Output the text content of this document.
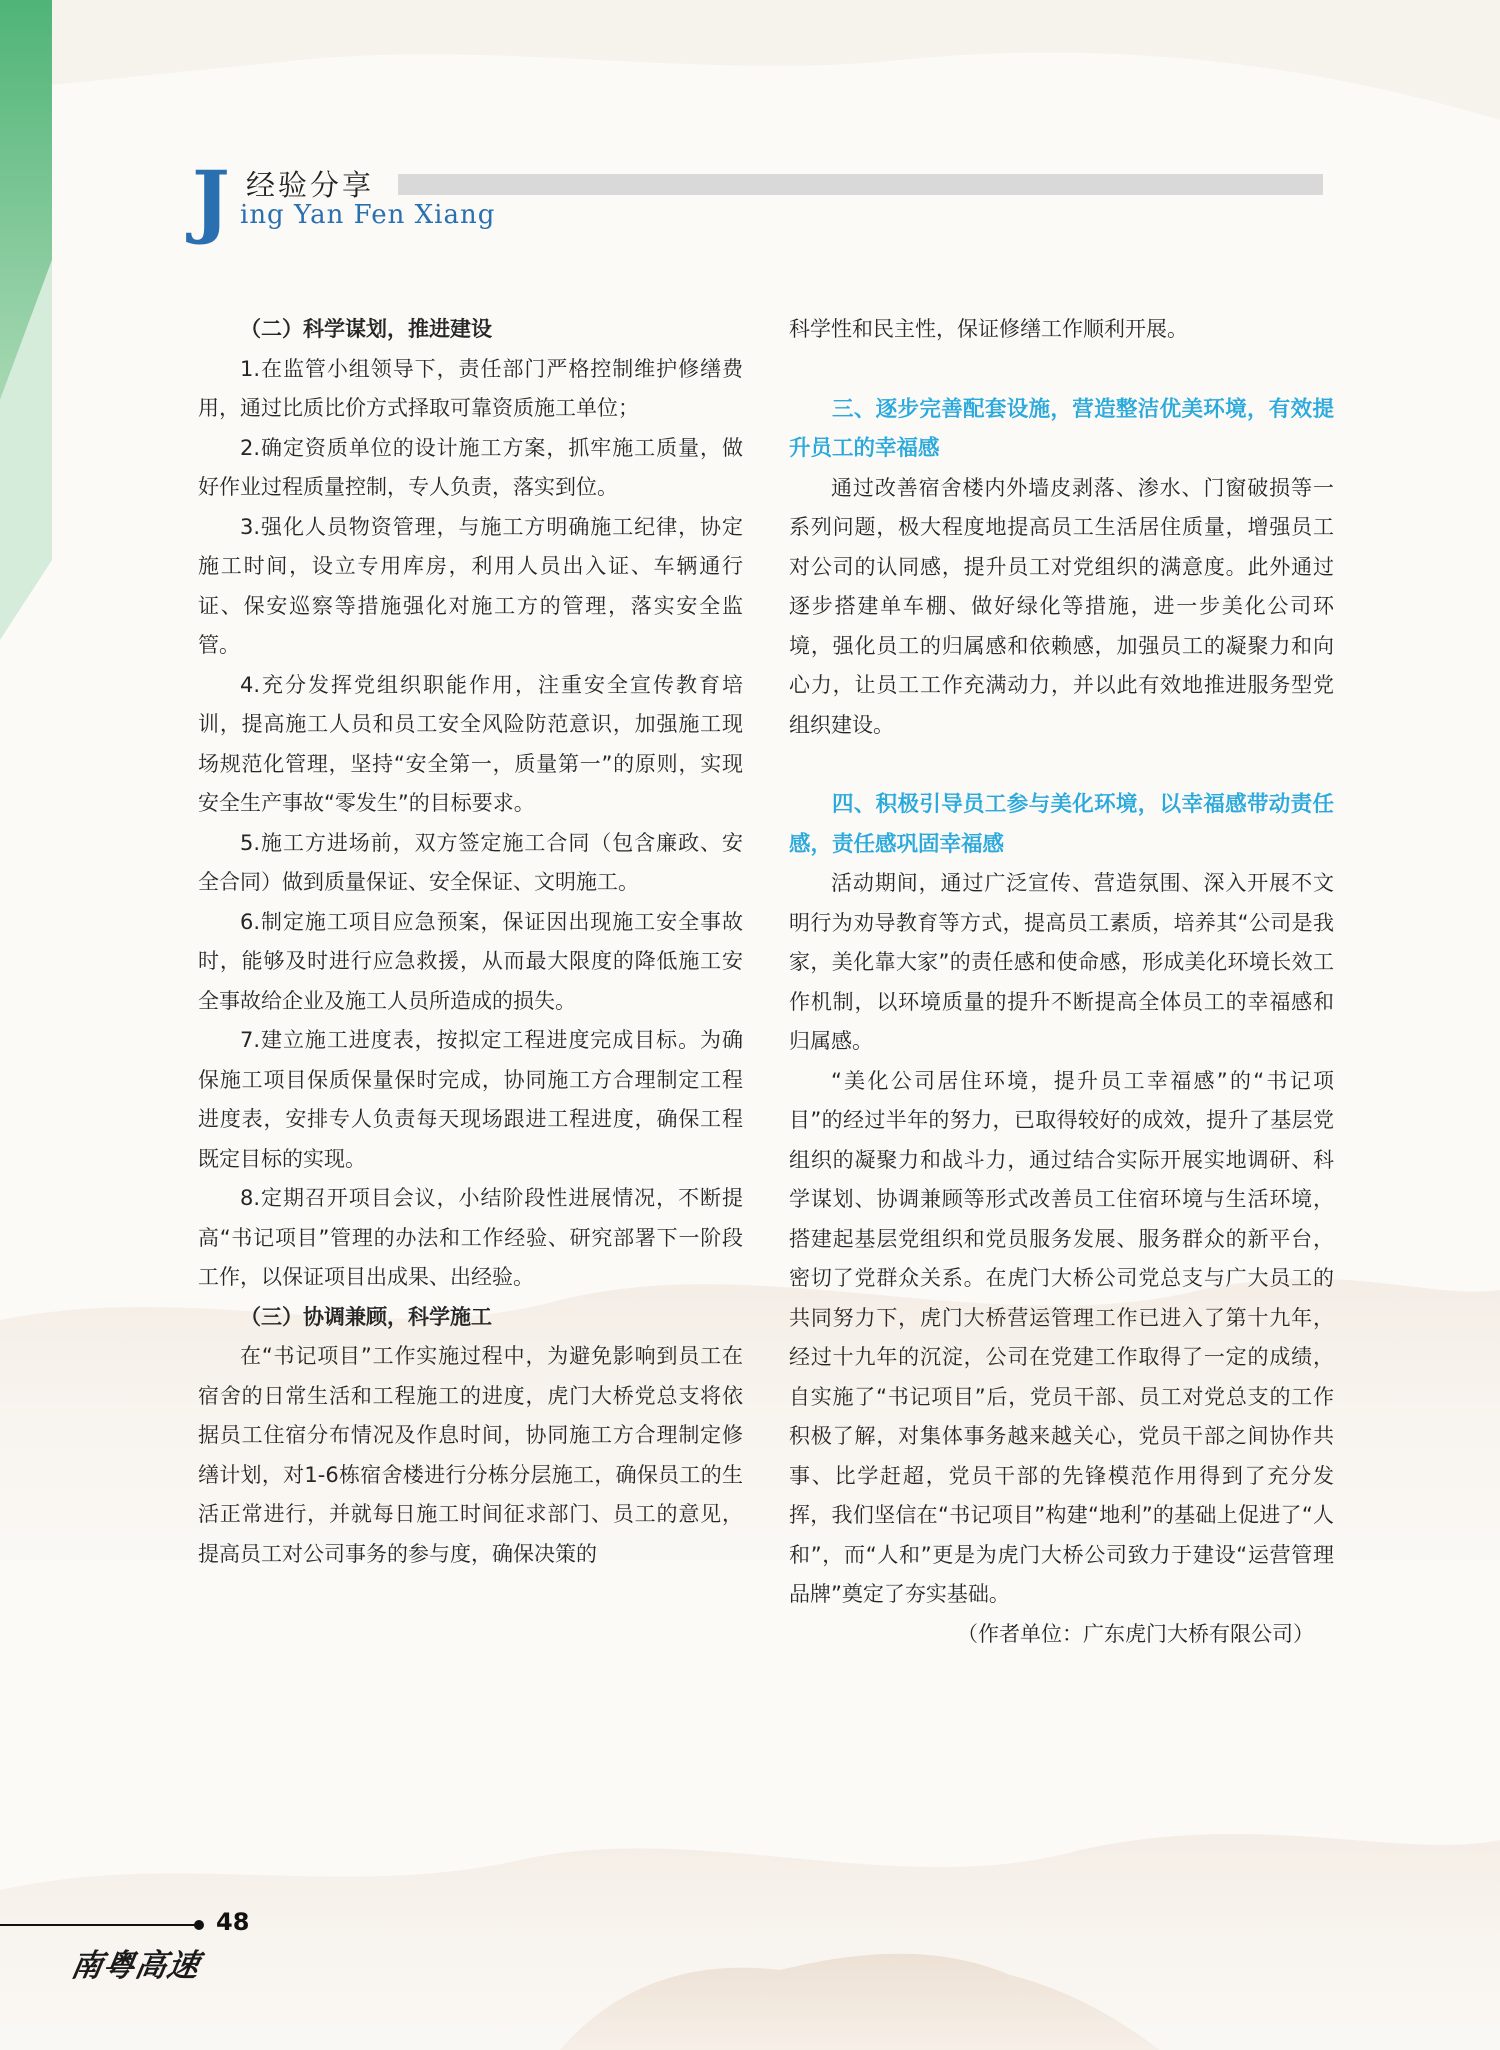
J 经验分享
ing Yan Fen Xiang

（二）科学谋划，推进建设

1.在监管小组领导下，责任部门严格控制维护修缮费用，通过比质比价方式择取可靠资质施工单位；

2.确定资质单位的设计施工方案，抓牢施工质量，做好作业过程质量控制，专人负责，落实到位。

3.强化人员物资管理，与施工方明确施工纪律，协定施工时间，设立专用库房，利用人员出入证、车辆通行证、保安巡察等措施强化对施工方的管理，落实安全监管。

4.充分发挥党组织职能作用，注重安全宣传教育培训，提高施工人员和员工安全风险防范意识，加强施工现场规范化管理，坚持“安全第一，质量第一”的原则，实现安全生产事故“零发生”的目标要求。

5.施工方进场前，双方签定施工合同（包含廉政、安全合同）做到质量保证、安全保证、文明施工。

6.制定施工项目应急预案，保证因出现施工安全事故时，能够及时进行应急救援，从而最大限度的降低施工安全事故给企业及施工人员所造成的损失。

7.建立施工进度表，按拟定工程进度完成目标。为确保施工项目保质保量保时完成，协同施工方合理制定工程进度表，安排专人负责每天现场跟进工程进度，确保工程既定目标的实现。

8.定期召开项目会议，小结阶段性进展情况，不断提高“书记项目”管理的办法和工作经验、研究部署下一阶段工作，以保证项目出成果、出经验。

（三）协调兼顾，科学施工

在“书记项目”工作实施过程中，为避免影响到员工在宿舍的日常生活和工程施工的进度，虎门大桥党总支将依据员工住宿分布情况及作息时间，协同施工方合理制定修缮计划，对1-6栋宿舍楼进行分栋分层施工，确保员工的生活正常进行，并就每日施工时间征求部门、员工的意见，提高员工对公司事务的参与度，确保决策的

科学性和民主性，保证修缮工作顺利开展。

三、逐步完善配套设施，营造整洁优美环境，有效提升员工的幸福感

通过改善宿舍楼内外墙皮剥落、渗水、门窗破损等一系列问题，极大程度地提高员工生活居住质量，增强员工对公司的认同感，提升员工对党组织的满意度。此外通过逐步搭建单车棚、做好绿化等措施，进一步美化公司环境，强化员工的归属感和依赖感，加强员工的凝聚力和向心力，让员工工作充满动力，并以此有效地推进服务型党组织建设。

四、积极引导员工参与美化环境，以幸福感带动责任感，责任感巩固幸福感

活动期间，通过广泛宣传、营造氛围、深入开展不文明行为劝导教育等方式，提高员工素质，培养其“公司是我家，美化靠大家”的责任感和使命感，形成美化环境长效工作机制，以环境质量的提升不断提高全体员工的幸福感和归属感。

“美化公司居住环境，提升员工幸福感”的“书记项目”的经过半年的努力，已取得较好的成效，提升了基层党组织的凝聚力和战斗力，通过结合实际开展实地调研、科学谋划、协调兼顾等形式改善员工住宿环境与生活环境，搭建起基层党组织和党员服务发展、服务群众的新平台，密切了党群众关系。在虎门大桥公司党总支与广大员工的共同努力下，虎门大桥营运管理工作已进入了第十九年，经过十九年的沉淀，公司在党建工作取得了一定的成绩，自实施了“书记项目”后，党员干部、员工对党总支的工作积极了解，对集体事务越来越关心，党员干部之间协作共事、比学赶超，党员干部的先锋模范作用得到了充分发挥，我们坚信在“书记项目”构建“地利”的基础上促进了“人和”，而“人和”更是为虎门大桥公司致力于建设“运营管理品牌”奠定了夯实基础。

（作者单位：广东虎门大桥有限公司）

48
南粤高速
